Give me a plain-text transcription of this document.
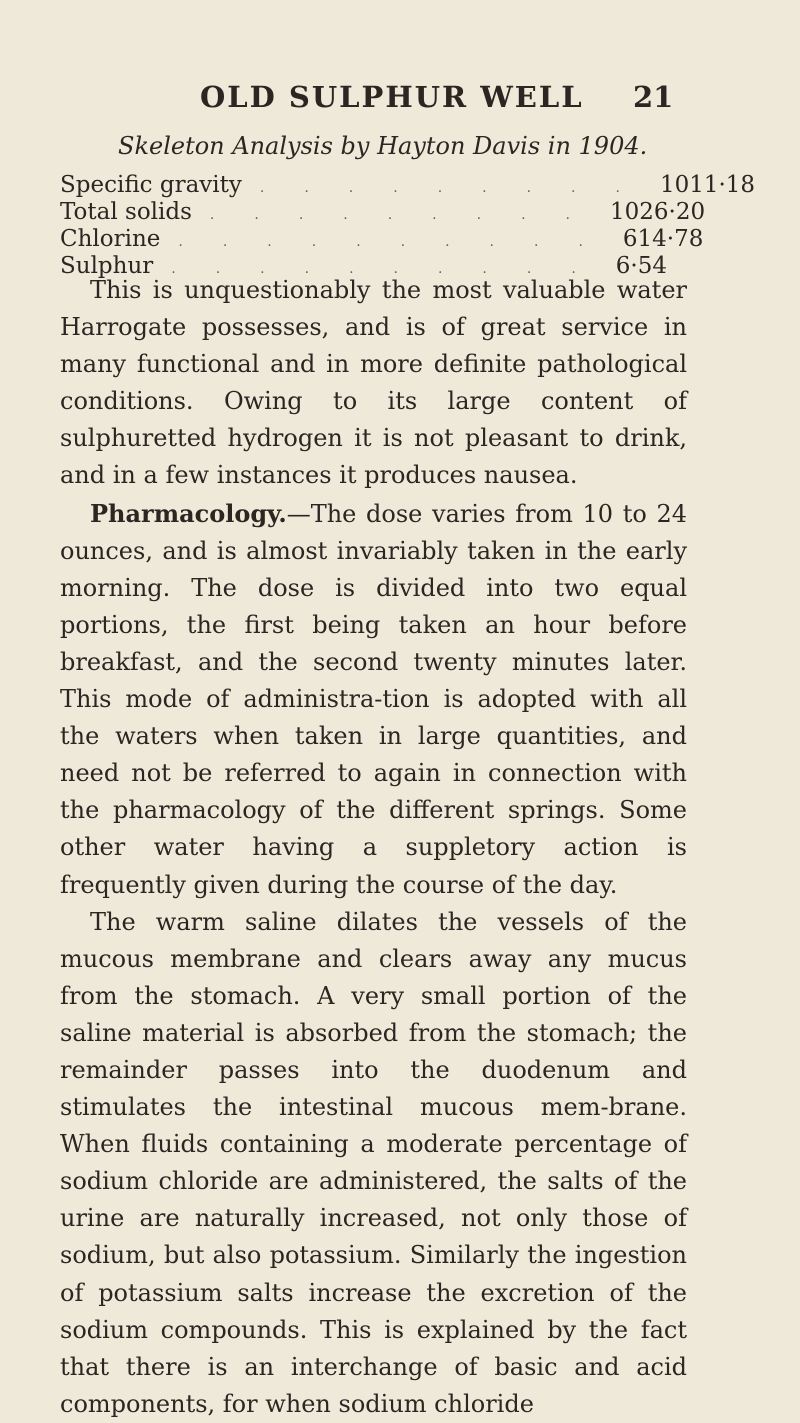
OLD SULPHUR WELL	21
Skeleton Analysis by Hayton Davis in 1904.
Specific gravity	......... 1011·18
Total solids	......... 1026·20
Chlorine	.......... 614·78
Sulphur	.......... 6·54

This is unquestionably the most valuable water Harrogate possesses, and is of great service in many functional and in more definite pathological conditions. Owing to its large content of sulphuretted hydrogen it is not pleasant to drink, and in a few instances it produces nausea.

Pharmacology.—The dose varies from 10 to 24 ounces, and is almost invariably taken in the early morning. The dose is divided into two equal portions, the first being taken an hour before breakfast, and the second twenty minutes later. This mode of administra-tion is adopted with all the waters when taken in large quantities, and need not be referred to again in connection with the pharmacology of the different springs. Some other water having a suppletory action is frequently given during the course of the day.

The warm saline dilates the vessels of the mucous membrane and clears away any mucus from the stomach. A very small portion of the saline material is absorbed from the stomach; the remainder passes into the duodenum and stimulates the intestinal mucous mem-brane. When fluids containing a moderate percentage of sodium chloride are administered, the salts of the urine are naturally increased, not only those of sodium, but also potassium. Similarly the ingestion of potassium salts increase the excretion of the sodium compounds. This is explained by the fact that there is an interchange of basic and acid components, for when sodium chloride
